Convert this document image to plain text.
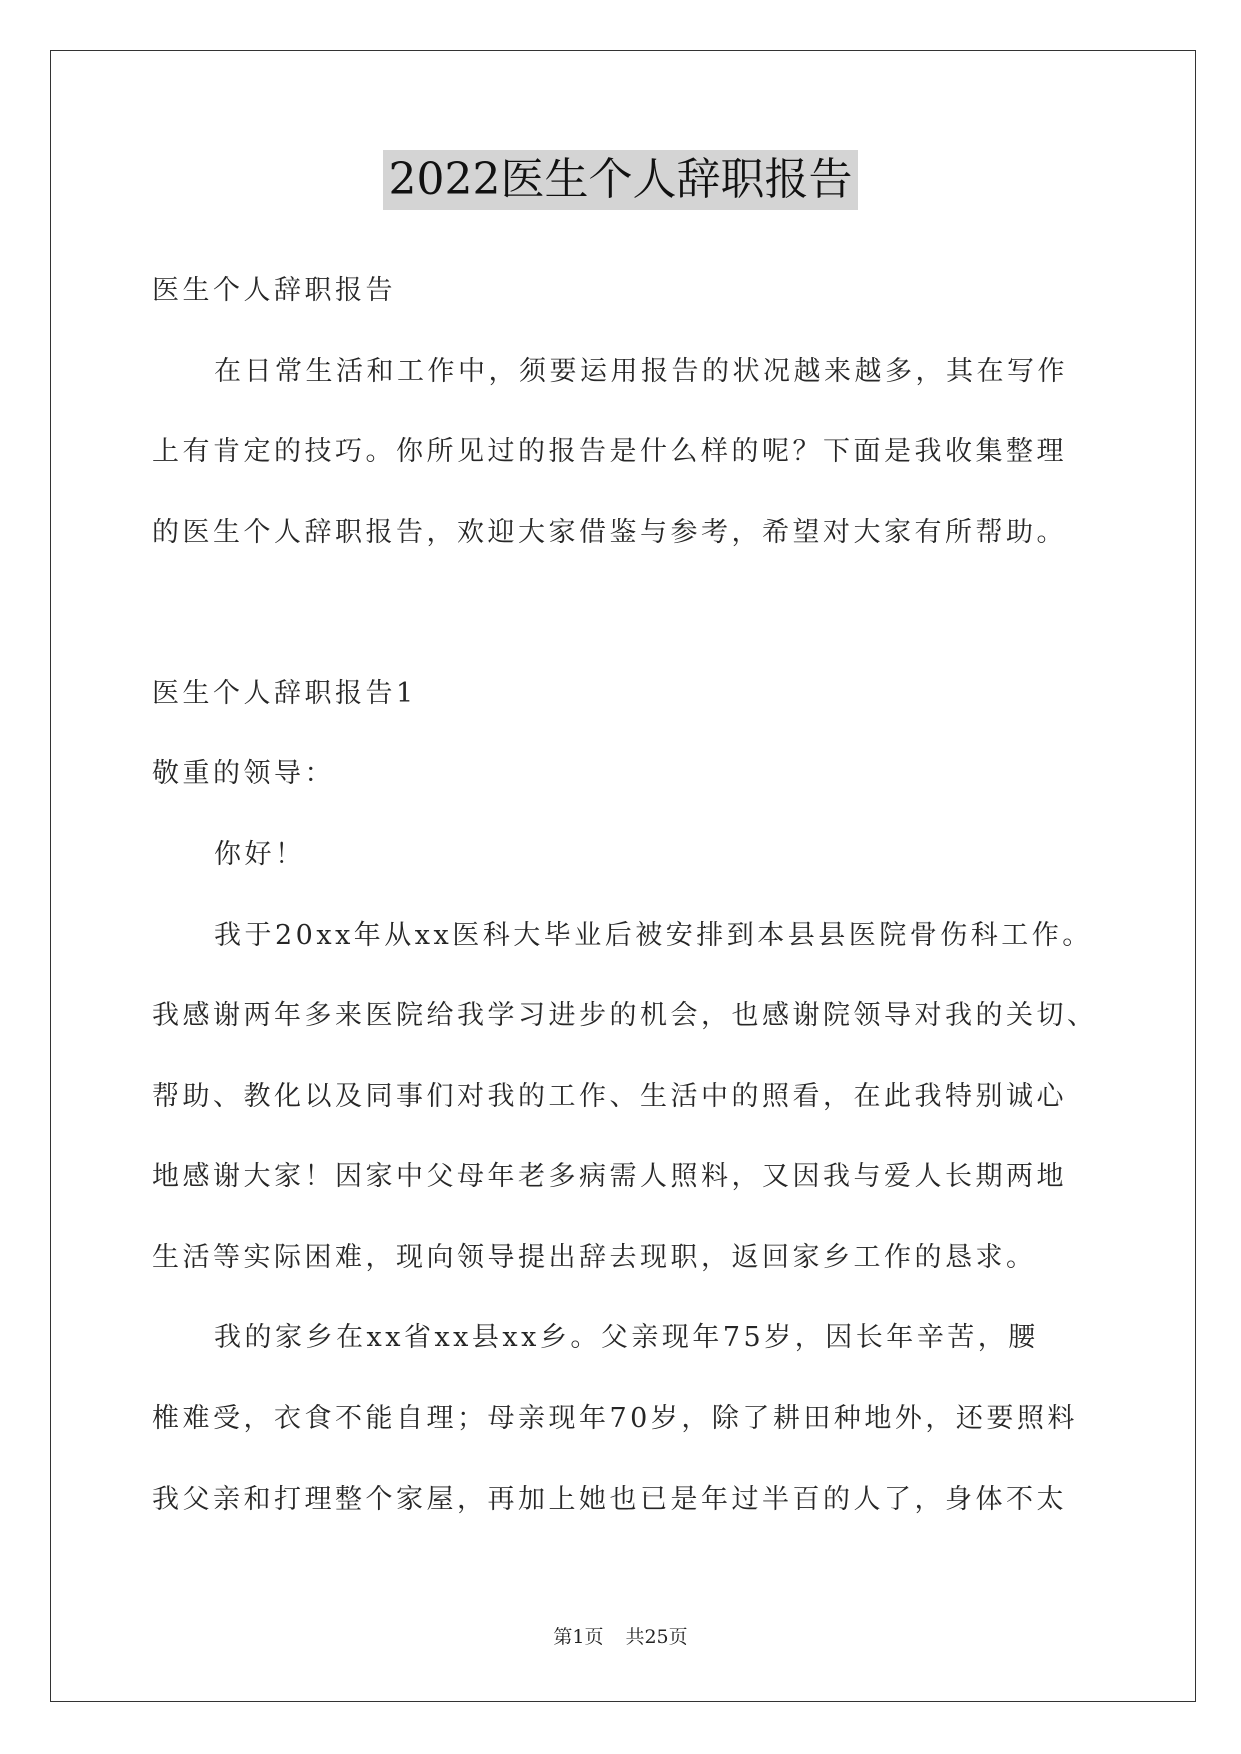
2022医生个人辞职报告
医生个人辞职报告
在日常生活和工作中，须要运用报告的状况越来越多，其在写作
上有肯定的技巧。你所见过的报告是什么样的呢？下面是我收集整理
的医生个人辞职报告，欢迎大家借鉴与参考，希望对大家有所帮助。
医生个人辞职报告1
敬重的领导：
你好！
我于20xx年从xx医科大毕业后被安排到本县县医院骨伤科工作。
我感谢两年多来医院给我学习进步的机会，也感谢院领导对我的关切、
帮助、教化以及同事们对我的工作、生活中的照看，在此我特别诚心
地感谢大家！因家中父母年老多病需人照料，又因我与爱人长期两地
生活等实际困难，现向领导提出辞去现职，返回家乡工作的恳求。
我的家乡在xx省xx县xx乡。父亲现年75岁，因长年辛苦，腰
椎难受，衣食不能自理；母亲现年70岁，除了耕田种地外，还要照料
我父亲和打理整个家屋，再加上她也已是年过半百的人了，身体不太
第1页 共25页
